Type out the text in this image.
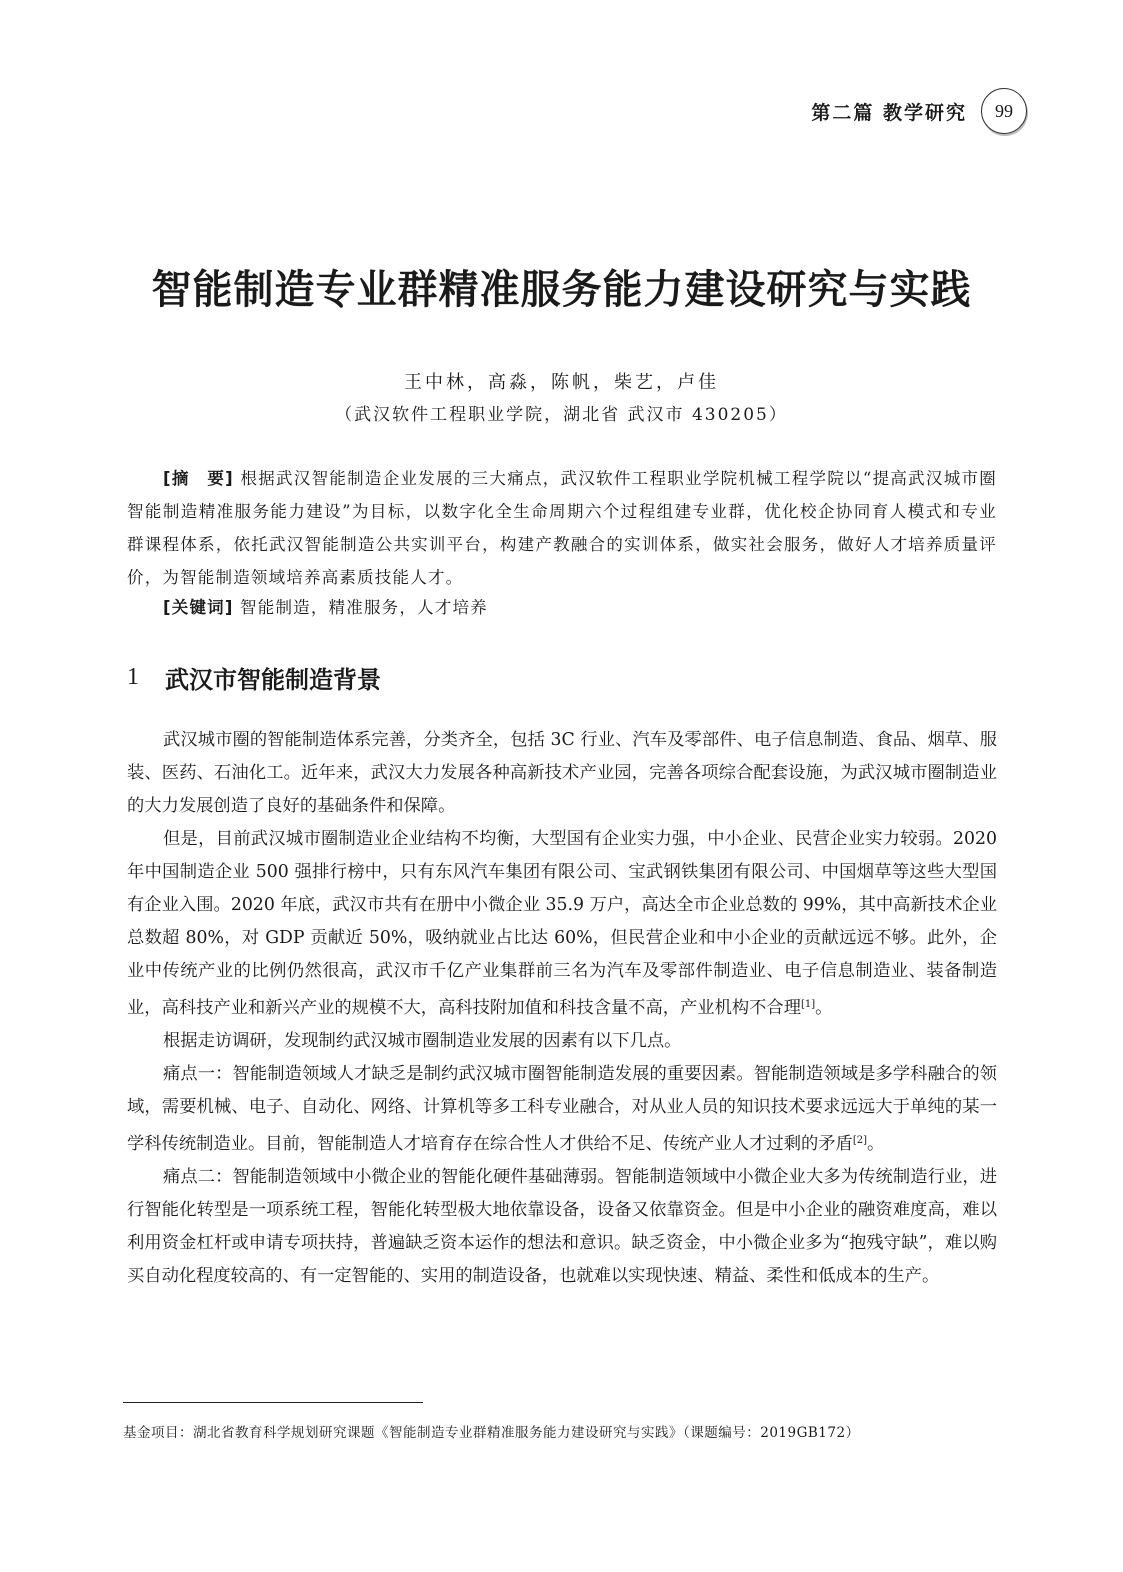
第二篇 教学研究	99
智能制造专业群精准服务能力建设研究与实践
王中林，高淼，陈帆，柴艺，卢佳
（武汉软件工程职业学院，湖北省 武汉市 430205）
[摘　要] 根据武汉智能制造企业发展的三大痛点，武汉软件工程职业学院机械工程学院以“提高武汉城市圈智能制造精准服务能力建设”为目标，以数字化全生命周期六个过程组建专业群，优化校企协同育人模式和专业群课程体系，依托武汉智能制造公共实训平台，构建产教融合的实训体系，做实社会服务，做好人才培养质量评价，为智能制造领域培养高素质技能人才。
[关键词] 智能制造，精准服务，人才培养
1 武汉市智能制造背景

武汉城市圈的智能制造体系完善，分类齐全，包括 3C 行业、汽车及零部件、电子信息制造、食品、烟草、服装、医药、石油化工。近年来，武汉大力发展各种高新技术产业园，完善各项综合配套设施，为武汉城市圈制造业的大力发展创造了良好的基础条件和保障。

但是，目前武汉城市圈制造业企业结构不均衡，大型国有企业实力强，中小企业、民营企业实力较弱。2020 年中国制造企业 500 强排行榜中，只有东风汽车集团有限公司、宝武钢铁集团有限公司、中国烟草等这些大型国有企业入围。2020 年底，武汉市共有在册中小微企业 35.9 万户，高达全市企业总数的 99%，其中高新技术企业总数超 80%，对 GDP 贡献近 50%，吸纳就业占比达 60%，但民营企业和中小企业的贡献远远不够。此外，企业中传统产业的比例仍然很高，武汉市千亿产业集群前三名为汽车及零部件制造业、电子信息制造业、装备制造业，高科技产业和新兴产业的规模不大，高科技附加值和科技含量不高，产业机构不合理[1]。

根据走访调研，发现制约武汉城市圈制造业发展的因素有以下几点。

痛点一：智能制造领域人才缺乏是制约武汉城市圈智能制造发展的重要因素。智能制造领域是多学科融合的领域，需要机械、电子、自动化、网络、计算机等多工科专业融合，对从业人员的知识技术要求远远大于单纯的某一学科传统制造业。目前，智能制造人才培育存在综合性人才供给不足、传统产业人才过剩的矛盾[2]。

痛点二：智能制造领域中小微企业的智能化硬件基础薄弱。智能制造领域中小微企业大多为传统制造行业，进行智能化转型是一项系统工程，智能化转型极大地依靠设备，设备又依靠资金。但是中小企业的融资难度高，难以利用资金杠杆或申请专项扶持，普遍缺乏资本运作的想法和意识。缺乏资金，中小微企业多为“抱残守缺”，难以购买自动化程度较高的、有一定智能的、实用的制造设备，也就难以实现快速、精益、柔性和低成本的生产。

基金项目：湖北省教育科学规划研究课题《智能制造专业群精准服务能力建设研究与实践》（课题编号：2019GB172）
